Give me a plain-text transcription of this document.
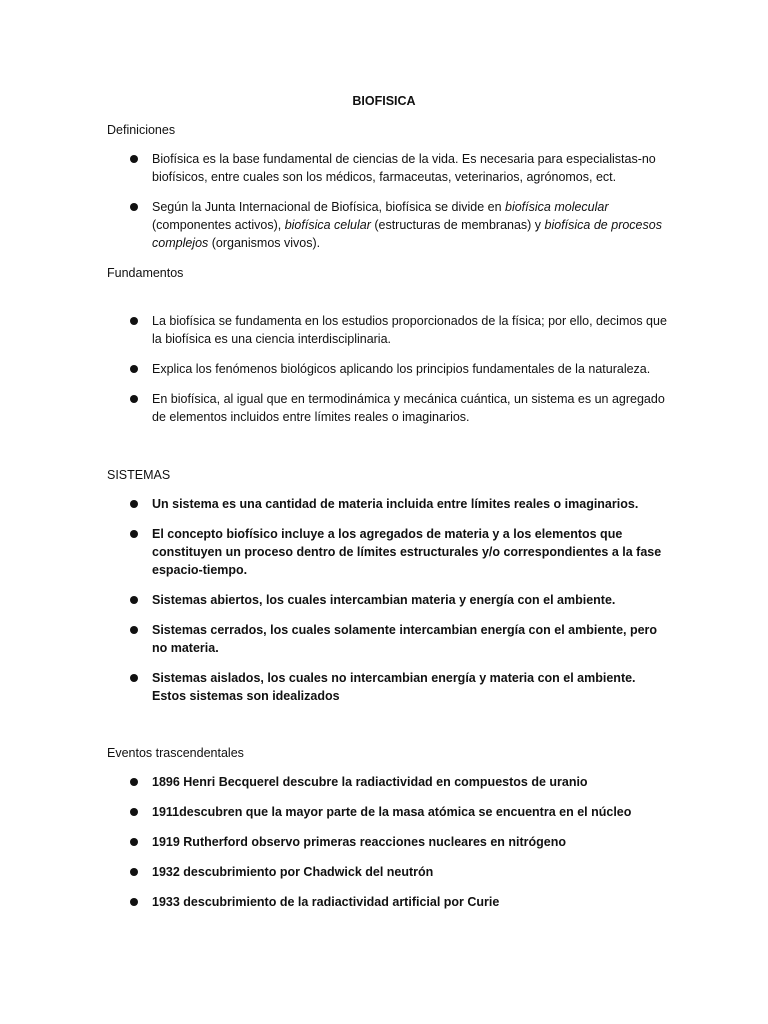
BIOFISICA
Definiciones
Biofísica es la base fundamental de ciencias de la vida. Es necesaria para especialistas-no biofísicos, entre cuales son los médicos, farmaceutas, veterinarios, agrónomos, ect.
Según la Junta Internacional de Biofísica, biofísica se divide en biofísica molecular (componentes activos), biofísica celular (estructuras de membranas) y biofísica de procesos complejos (organismos vivos).
Fundamentos
La biofísica se fundamenta en los estudios proporcionados de la física; por ello, decimos que la biofísica es una ciencia interdisciplinaria.
Explica los fenómenos biológicos aplicando los principios fundamentales de la naturaleza.
En biofísica, al igual que en termodinámica y mecánica cuántica, un sistema es un agregado de elementos incluidos entre límites reales o imaginarios.
SISTEMAS
Un sistema es una cantidad de materia incluida entre límites reales o imaginarios.
El concepto biofísico incluye a los agregados de materia y a los elementos que constituyen un proceso dentro de límites estructurales y/o correspondientes a la fase espacio-tiempo.
Sistemas abiertos, los cuales intercambian materia y energía con el ambiente.
Sistemas cerrados, los cuales solamente intercambian energía con el ambiente, pero no materia.
Sistemas aislados, los cuales no intercambian energía y materia con el ambiente. Estos sistemas son idealizados
Eventos trascendentales
1896 Henri Becquerel descubre la radiactividad en compuestos de uranio
1911descubren que la mayor parte de la masa atómica se encuentra en el núcleo
1919 Rutherford observo primeras reacciones nucleares en nitrógeno
1932 descubrimiento por Chadwick del neutrón
1933 descubrimiento de la radiactividad artificial por Curie
